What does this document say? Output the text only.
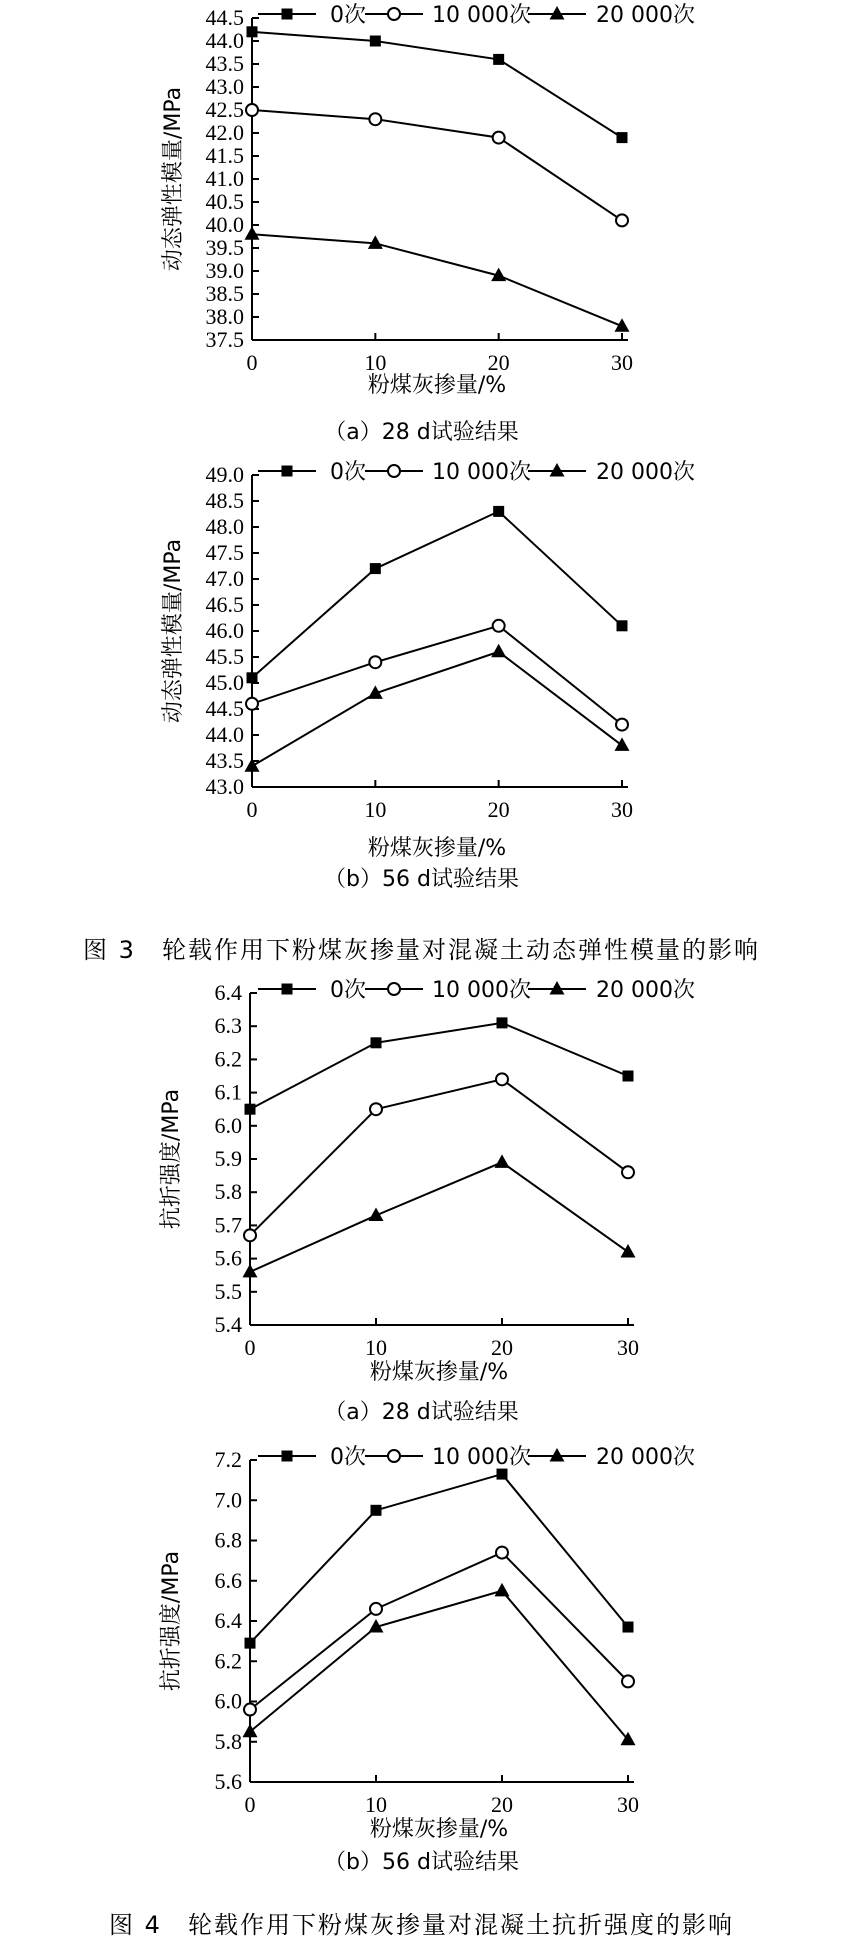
37.5
38.0
38.5
39.0
39.5
40.0
40.5
41.0
41.5
42.0
42.5
43.0
43.5
44.0
44.5
0	10	20	30
粉煤灰掺量/%
动态弹性模量/MPa
0次	10 000次	20 000次
（a）28 d试验结果
43.0
43.5
44.0
44.5
45.0
45.5
46.0
46.5
47.0
47.5
48.0
48.5
49.0
0	10	20	30
粉煤灰掺量/%
动态弹性模量/MPa
0次	10 000次	20 000次
（b）56 d试验结果
图 3　轮载作用下粉煤灰掺量对混凝土动态弹性模量的影响
5.4
5.5
5.6
5.7
5.8
5.9
6.0
6.1
6.2
6.3
6.4
0	10	20	30
粉煤灰掺量/%
抗折强度/MPa
0次	10 000次	20 000次
（a）28 d试验结果
5.6
5.8
6.0
6.2
6.4
6.6
6.8
7.0
7.2
0	10	20	30
粉煤灰掺量/%
抗折强度/MPa
0次	10 000次	20 000次
（b）56 d试验结果
图 4　轮载作用下粉煤灰掺量对混凝土抗折强度的影响
